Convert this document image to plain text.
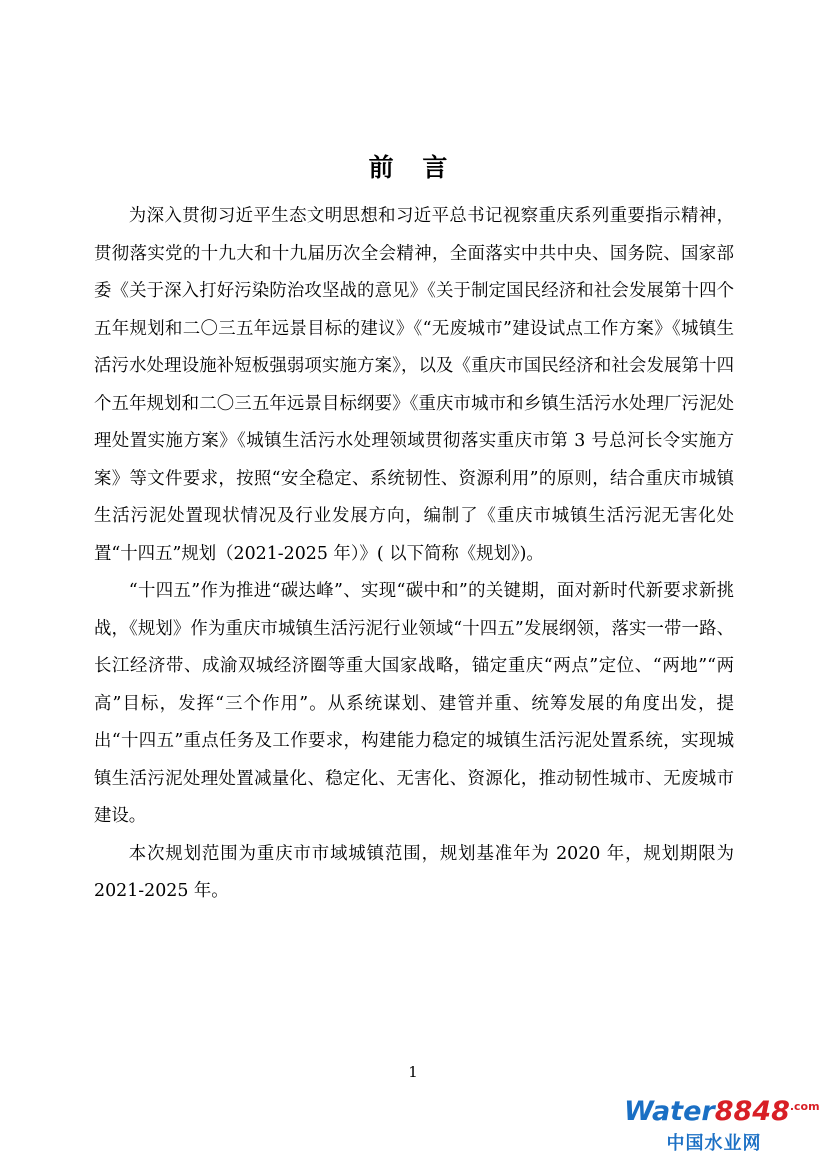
前 言

为深入贯彻习近平生态文明思想和习近平总书记视察重庆系列重要指示精神，贯彻落实党的十九大和十九届历次全会精神，全面落实中共中央、国务院、国家部委《关于深入打好污染防治攻坚战的意见》《关于制定国民经济和社会发展第十四个五年规划和二〇三五年远景目标的建议》《“无废城市”建设试点工作方案》《城镇生活污水处理设施补短板强弱项实施方案》，以及《重庆市国民经济和社会发展第十四个五年规划和二〇三五年远景目标纲要》《重庆市城市和乡镇生活污水处理厂污泥处理处置实施方案》《城镇生活污水处理领域贯彻落实重庆市第 3 号总河长令实施方案》等文件要求，按照“安全稳定、系统韧性、资源利用”的原则，结合重庆市城镇生活污泥处置现状情况及行业发展方向，编制了《重庆市城镇生活污泥无害化处置“十四五”规划（2021-2025 年）》( 以下简称《规划》)。

“十四五”作为推进“碳达峰”、实现“碳中和”的关键期，面对新时代新要求新挑战，《规划》作为重庆市城镇生活污泥行业领域“十四五”发展纲领，落实一带一路、长江经济带、成渝双城经济圈等重大国家战略，锚定重庆“两点”定位、“两地”“两高”目标，发挥“三个作用”。从系统谋划、建管并重、统筹发展的角度出发，提出“十四五”重点任务及工作要求，构建能力稳定的城镇生活污泥处置系统，实现城镇生活污泥处理处置减量化、稳定化、无害化、资源化，推动韧性城市、无废城市建设。

本次规划范围为重庆市市域城镇范围，规划基准年为 2020 年，规划期限为 2021-2025 年。

1
$Water8848^{.com}$
中国水业网
